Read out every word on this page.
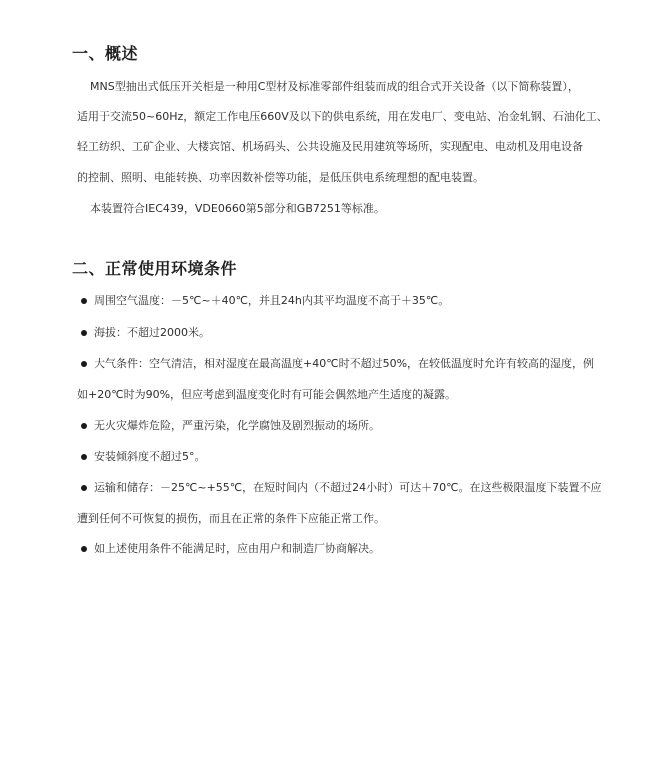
一、概述
MNS型抽出式低压开关柜是一种用C型材及标准零部件组装而成的组合式开关设备（以下简称装置），
适用于交流50~60Hz，额定工作电压660V及以下的供电系统，用在发电厂、变电站、冶金轧钢、石油化工、
轻工纺织、工矿企业、大楼宾馆、机场码头、公共设施及民用建筑等场所，实现配电、电动机及用电设备
的控制、照明、电能转换、功率因数补偿等功能，是低压供电系统理想的配电装置。
本装置符合IEC439，VDE0660第5部分和GB7251等标准。
二、正常使用环境条件
周围空气温度：－5℃~＋40℃，并且24h内其平均温度不高于＋35℃。
海拔：不超过2000米。
大气条件：空气清洁，相对湿度在最高温度+40℃时不超过50%，在较低温度时允许有较高的湿度，例
如+20℃时为90%，但应考虑到温度变化时有可能会偶然地产生适度的凝露。
无火灾爆炸危险，严重污染，化学腐蚀及剧烈振动的场所。
安装倾斜度不超过5°。
运输和储存：－25℃~+55℃，在短时间内（不超过24小时）可达＋70℃。在这些极限温度下装置不应
遭到任何不可恢复的损伤，而且在正常的条件下应能正常工作。
如上述使用条件不能满足时，应由用户和制造厂协商解决。
